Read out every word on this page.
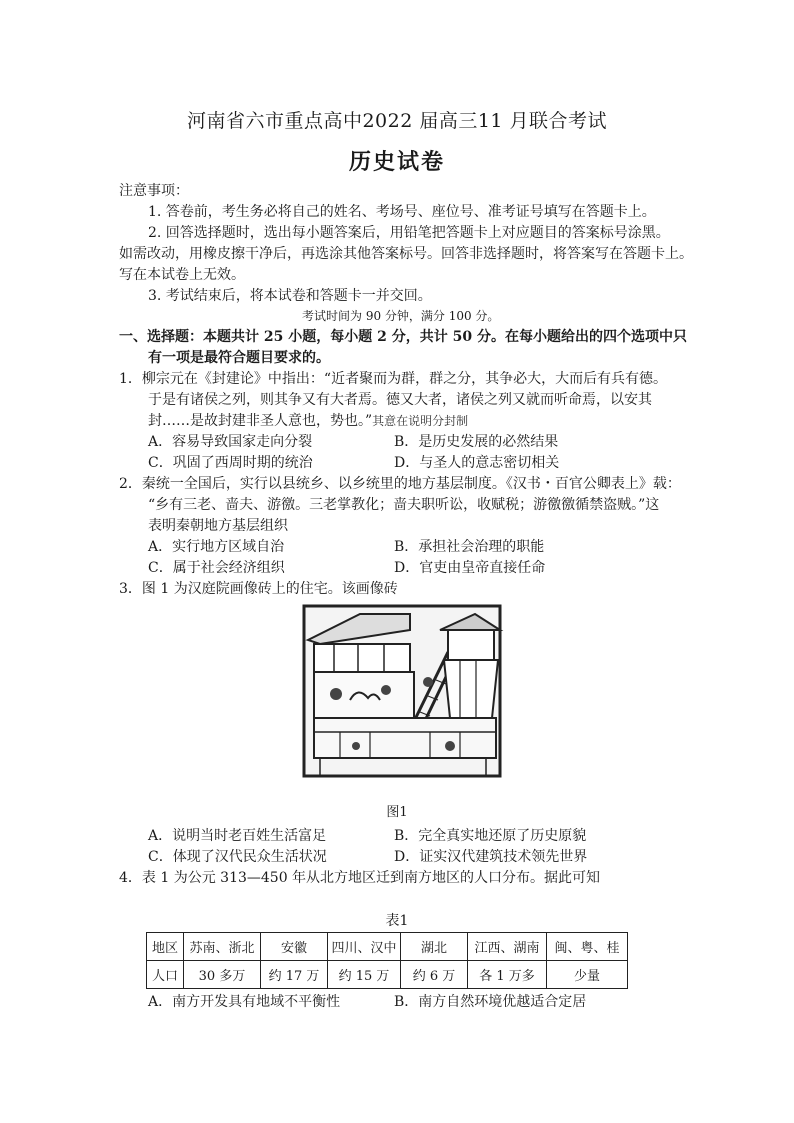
河南省六市重点高中2022 届高三11 月联合考试
历史试卷
注意事项：
1. 答卷前，考生务必将自己的姓名、考场号、座位号、准考证号填写在答题卡上。
2. 回答选择题时，选出每小题答案后，用铅笔把答题卡上对应题目的答案标号涂黑。
如需改动，用橡皮擦干净后，再选涂其他答案标号。回答非选择题时，将答案写在答题卡上。
写在本试卷上无效。
3. 考试结束后，将本试卷和答题卡一并交回。
考试时间为 90 分钟，满分 100 分。
一、选择题：本题共计 25 小题，每小题 2 分，共计 50 分。在每小题给出的四个选项中只
有一项是最符合题目要求的。
1．柳宗元在《封建论》中指出：“近者聚而为群，群之分，其争必大，大而后有兵有德。
于是有诸侯之列，则其争又有大者焉。德又大者，诸侯之列又就而听命焉，以安其
封……是故封建非圣人意也，势也。”其意在说明分封制
A．容易导致国家走向分裂	B．是历史发展的必然结果
C．巩固了西周时期的统治	D．与圣人的意志密切相关
2．秦统一全国后，实行以县统乡、以乡统里的地方基层制度。《汉书・百官公卿表上》载：
“乡有三老、啬夫、游徼。三老掌教化；啬夫职听讼，收赋税；游徼徼循禁盗贼。”这
表明秦朝地方基层组织
A．实行地方区域自治	B．承担社会治理的职能
C．属于社会经济组织	D．官吏由皇帝直接任命
3．图 1 为汉庭院画像砖上的住宅。该画像砖
图1
A．说明当时老百姓生活富足	B．完全真实地还原了历史原貌
C．体现了汉代民众生活状况	D．证实汉代建筑技术领先世界
4．表 1 为公元 313—450 年从北方地区迁到南方地区的人口分布。据此可知
表1
地区	苏南、浙北	安徽	四川、汉中	湖北	江西、湖南	闽、粤、桂
人口	30 多万	约 17 万	约 15 万	约 6 万	各 1 万多	少量
A．南方开发具有地域不平衡性	B．南方自然环境优越适合定居
